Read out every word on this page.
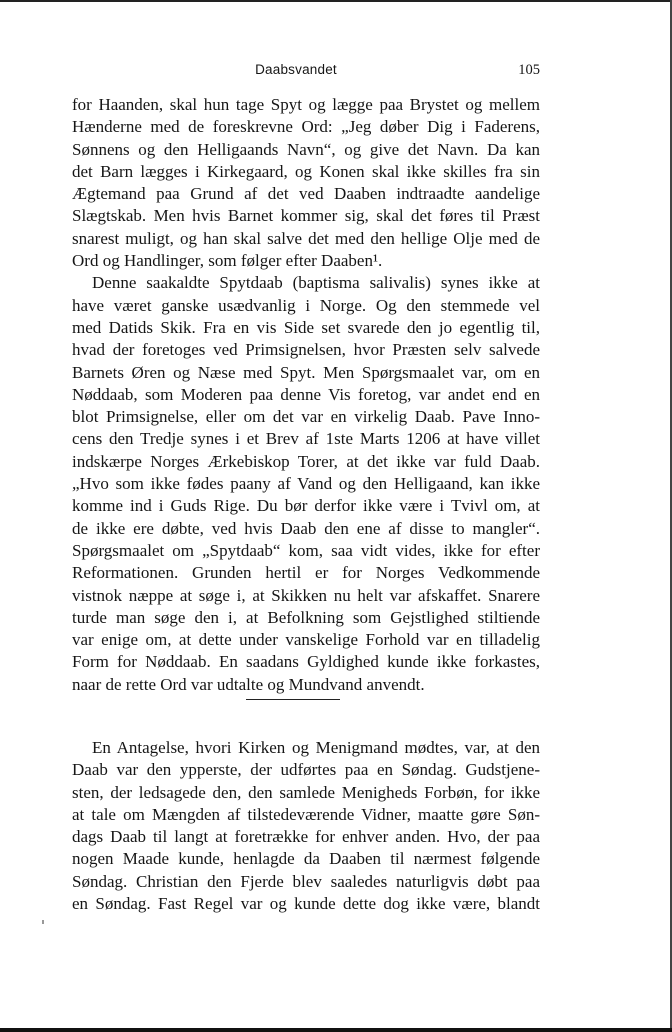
Daabsvandet	105
for Haanden, skal hun tage Spyt og lægge paa Brystet og mellem
Hænderne med de foreskrevne Ord: „Jeg døber Dig i Faderens,
Sønnens og den Helligaands Navn“, og give det Navn. Da kan
det Barn lægges i Kirkegaard, og Konen skal ikke skilles fra sin
Ægtemand paa Grund af det ved Daaben indtraadte aandelige
Slægtskab. Men hvis Barnet kommer sig, skal det føres til Præst
snarest muligt, og han skal salve det med den hellige Olje med de
Ord og Handlinger, som følger efter Daaben¹.
Denne saakaldte Spytdaab (baptisma salivalis) synes ikke at
have været ganske usædvanlig i Norge. Og den stemmede vel
med Datids Skik. Fra en vis Side set svarede den jo egentlig til,
hvad der foretoges ved Primsignelsen, hvor Præsten selv salvede
Barnets Øren og Næse med Spyt. Men Spørgsmaalet var, om en
Nøddaab, som Moderen paa denne Vis foretog, var andet end en
blot Primsignelse, eller om det var en virkelig Daab. Pave Inno-
cens den Tredje synes i et Brev af 1ste Marts 1206 at have villet
indskærpe Norges Ærkebiskop Torer, at det ikke var fuld Daab.
„Hvo som ikke fødes paany af Vand og den Helligaand, kan ikke
komme ind i Guds Rige. Du bør derfor ikke være i Tvivl om, at
de ikke ere døbte, ved hvis Daab den ene af disse to mangler“.
Spørgsmaalet om „Spytdaab“ kom, saa vidt vides, ikke for efter
Reformationen. Grunden hertil er for Norges Vedkommende
vistnok næppe at søge i, at Skikken nu helt var afskaffet. Snarere
turde man søge den i, at Befolkning som Gejstlighed stiltiende
var enige om, at dette under vanskelige Forhold var en tilladelig
Form for Nøddaab. En saadans Gyldighed kunde ikke forkastes,
naar de rette Ord var udtalte og Mundvand anvendt.
En Antagelse, hvori Kirken og Menigmand mødtes, var, at den
Daab var den ypperste, der udførtes paa en Søndag. Gudstjene-
sten, der ledsagede den, den samlede Menigheds Forbøn, for ikke
at tale om Mængden af tilstedeværende Vidner, maatte gøre Søn-
dags Daab til langt at foretrække for enhver anden. Hvo, der paa
nogen Maade kunde, henlagde da Daaben til nærmest følgende
Søndag. Christian den Fjerde blev saaledes naturligvis døbt paa
en Søndag. Fast Regel var og kunde dette dog ikke være, blandt
